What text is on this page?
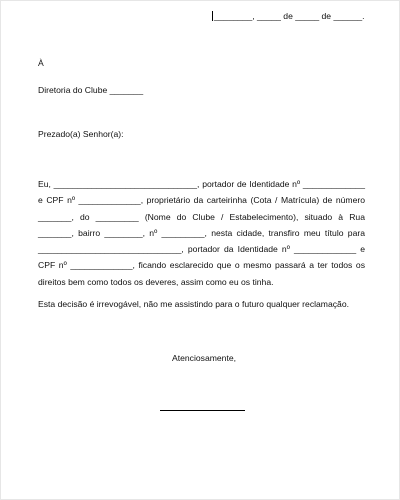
________, _____ de _____ de ______.
À
Diretoria do Clube _______
Prezado(a) Senhor(a):
Eu, ______________________________, portador de Identidade nº _____________ e CPF nº _____________, proprietário da carteirinha (Cota / Matrícula) de número _______, do _________ (Nome do Clube / Estabelecimento), situado à Rua _______, bairro ________, nº _________, nesta cidade, transfiro meu título para ______________________________, portador da Identidade nº _____________ e CPF nº _____________, ficando esclarecido que o mesmo passará a ter todos os direitos bem como todos os deveres, assim como eu os tinha.
Esta decisão é irrevogável, não me assistindo para o futuro qualquer reclamação.
Atenciosamente,
